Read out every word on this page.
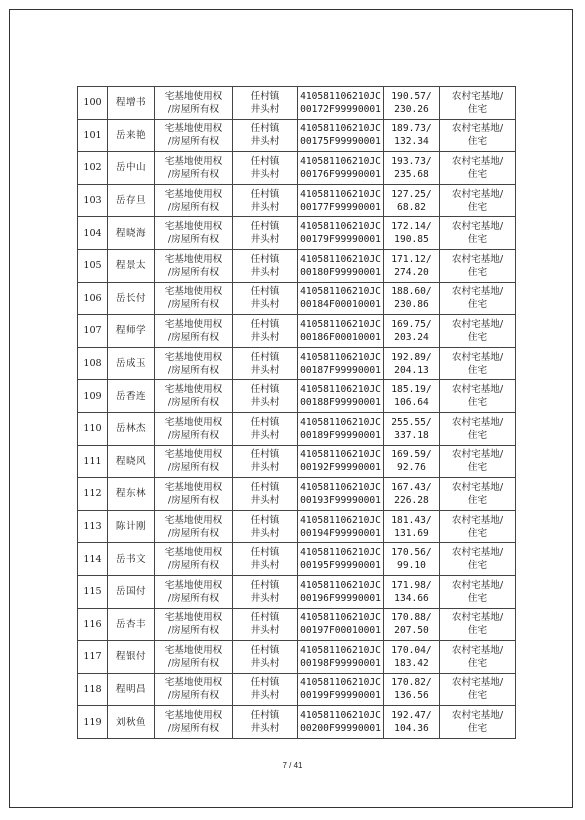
100	程增书	宅基地使用权
/房屋所有权	任村镇
井头村	410581106210JC
00172F99990001	190.57/
230.26	农村宅基地/
住宅

101	岳来艳	宅基地使用权
/房屋所有权	任村镇
井头村	410581106210JC
00175F99990001	189.73/
132.34	农村宅基地/
住宅

102	岳中山	宅基地使用权
/房屋所有权	任村镇
井头村	410581106210JC
00176F99990001	193.73/
235.68	农村宅基地/
住宅

103	岳存旦	宅基地使用权
/房屋所有权	任村镇
井头村	410581106210JC
00177F99990001	127.25/
68.82	农村宅基地/
住宅

104	程晓海	宅基地使用权
/房屋所有权	任村镇
井头村	410581106210JC
00179F99990001	172.14/
190.85	农村宅基地/
住宅

105	程景太	宅基地使用权
/房屋所有权	任村镇
井头村	410581106210JC
00180F99990001	171.12/
274.20	农村宅基地/
住宅

106	岳长付	宅基地使用权
/房屋所有权	任村镇
井头村	410581106210JC
00184F00010001	188.60/
230.86	农村宅基地/
住宅

107	程师学	宅基地使用权
/房屋所有权	任村镇
井头村	410581106210JC
00186F00010001	169.75/
203.24	农村宅基地/
住宅

108	岳成玉	宅基地使用权
/房屋所有权	任村镇
井头村	410581106210JC
00187F99990001	192.89/
204.13	农村宅基地/
住宅

109	岳香连	宅基地使用权
/房屋所有权	任村镇
井头村	410581106210JC
00188F99990001	185.19/
106.64	农村宅基地/
住宅

110	岳林杰	宅基地使用权
/房屋所有权	任村镇
井头村	410581106210JC
00189F99990001	255.55/
337.18	农村宅基地/
住宅

111	程晓风	宅基地使用权
/房屋所有权	任村镇
井头村	410581106210JC
00192F99990001	169.59/
92.76	农村宅基地/
住宅

112	程东林	宅基地使用权
/房屋所有权	任村镇
井头村	410581106210JC
00193F99990001	167.43/
226.28	农村宅基地/
住宅

113	陈计刚	宅基地使用权
/房屋所有权	任村镇
井头村	410581106210JC
00194F99990001	181.43/
131.69	农村宅基地/
住宅

114	岳书文	宅基地使用权
/房屋所有权	任村镇
井头村	410581106210JC
00195F99990001	170.56/
99.10	农村宅基地/
住宅

115	岳国付	宅基地使用权
/房屋所有权	任村镇
井头村	410581106210JC
00196F99990001	171.98/
134.66	农村宅基地/
住宅

116	岳杏丰	宅基地使用权
/房屋所有权	任村镇
井头村	410581106210JC
00197F00010001	170.88/
207.50	农村宅基地/
住宅

117	程银付	宅基地使用权
/房屋所有权	任村镇
井头村	410581106210JC
00198F99990001	170.04/
183.42	农村宅基地/
住宅

118	程明昌	宅基地使用权
/房屋所有权	任村镇
井头村	410581106210JC
00199F99990001	170.82/
136.56	农村宅基地/
住宅

119	刘秋鱼	宅基地使用权
/房屋所有权	任村镇
井头村	410581106210JC
00200F99990001	192.47/
104.36	农村宅基地/
住宅
7 / 41
